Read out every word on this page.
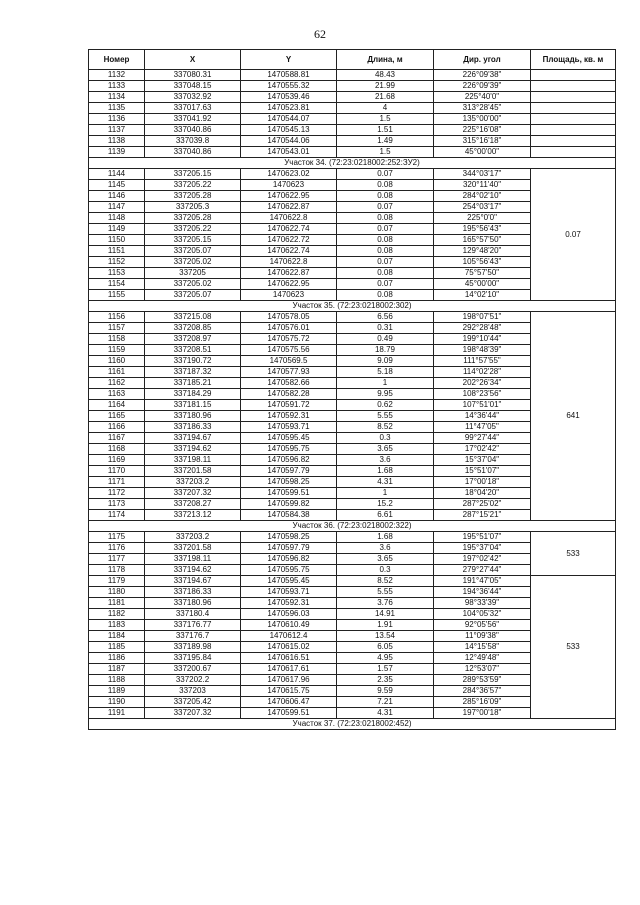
62
Номер	X	Y	Длина, м	Дир. угол	Площадь, кв. м
1132	337080.31	1470588.81	48.43	226°09'38"	
1133	337048.15	1470555.32	21.99	226°09'39"	
1134	337032.92	1470539.46	21.68	225°40'0"	
1135	337017.63	1470523.81	4	313°28'45"	
1136	337041.92	1470544.07	1.5	135°00'00"	
1137	337040.86	1470545.13	1.51	225°16'08"	
1138	337039.8	1470544.06	1.49	315°16'18"	
1139	337040.86	1470543.01	1.5	45°00'00"	
Участок 34. (72:23:0218002:252:ЗУ2)					
1144	337205.15	1470623.02	0.07	344°03'17"	0.07
1145	337205.22	1470623	0.08	320°11'40"	
1146	337205.28	1470622.95	0.08	284°02'10"	
1147	337205.3	1470622.87	0.07	254°03'17"	
1148	337205.28	1470622.8	0.08	225°0'0"	
1149	337205.22	1470622.74	0.07	195°56'43"	
1150	337205.15	1470622.72	0.08	165°57'50"	
1151	337205.07	1470622.74	0.08	129°48'20"	
1152	337205.02	1470622.8	0.07	105°56'43"	
1153	337205	1470622.87	0.08	75°57'50"	
1154	337205.02	1470622.95	0.07	45°00'00"	
1155	337205.07	1470623	0.08	14°02'10"	
Участок 35. (72:23:0218002:302)					
1156	337215.08	1470578.05	6.56	198°07'51"	641
1157	337208.85	1470576.01	0.31	292°28'48"	
1158	337208.97	1470575.72	0.49	199°10'44"	
1159	337208.51	1470575.56	18.79	198°48'39"	
1160	337190.72	1470569.5	9.09	111°57'55"	
1161	337187.32	1470577.93	5.18	114°02'28"	
1162	337185.21	1470582.66	1	202°26'34"	
1163	337184.29	1470582.28	9.95	108°23'56"	
1164	337181.15	1470591.72	0.62	107°51'01"	
1165	337180.96	1470592.31	5.55	14°36'44"	
1166	337186.33	1470593.71	8.52	11°47'05"	
1167	337194.67	1470595.45	0.3	99°27'44"	
1168	337194.62	1470595.75	3.65	17°02'42"	
1169	337198.11	1470596.82	3.6	15°37'04"	
1170	337201.58	1470597.79	1.68	15°51'07"	
1171	337203.2	1470598.25	4.31	17°00'18"	
1172	337207.32	1470599.51	1	18°04'20"	
1173	337208.27	1470599.82	15.2	287°25'02"	
1174	337213.12	1470584.38	6.61	287°15'21"	
Участок 36. (72:23:0218002:322)					
1175	337203.2	1470598.25	1.68	195°51'07"	533
1176	337201.58	1470597.79	3.6	195°37'04"	
1177	337198.11	1470596.82	3.65	197°02'42"	
1178	337194.62	1470595.75	0.3	279°27'44"	
1179	337194.67	1470595.45	8.52	191°47'05"	533
1180	337186.33	1470593.71	5.55	194°36'44"	
1181	337180.96	1470592.31	3.76	98°33'39"	
1182	337180.4	1470596.03	14.91	104°05'32"	
1183	337176.77	1470610.49	1.91	92°05'56"	
1184	337176.7	1470612.4	13.54	11°09'38"	
1185	337189.98	1470615.02	6.05	14°15'58"	
1186	337195.84	1470616.51	4.95	12°49'48"	
1187	337200.67	1470617.61	1.57	12°53'07"	
1188	337202.2	1470617.96	2.35	289°53'59"	
1189	337203	1470615.75	9.59	284°36'57"	
1190	337205.42	1470606.47	7.21	285°16'09"	
1191	337207.32	1470599.51	4.31	197°00'18"	
Участок 37. (72:23:0218002:452)					
